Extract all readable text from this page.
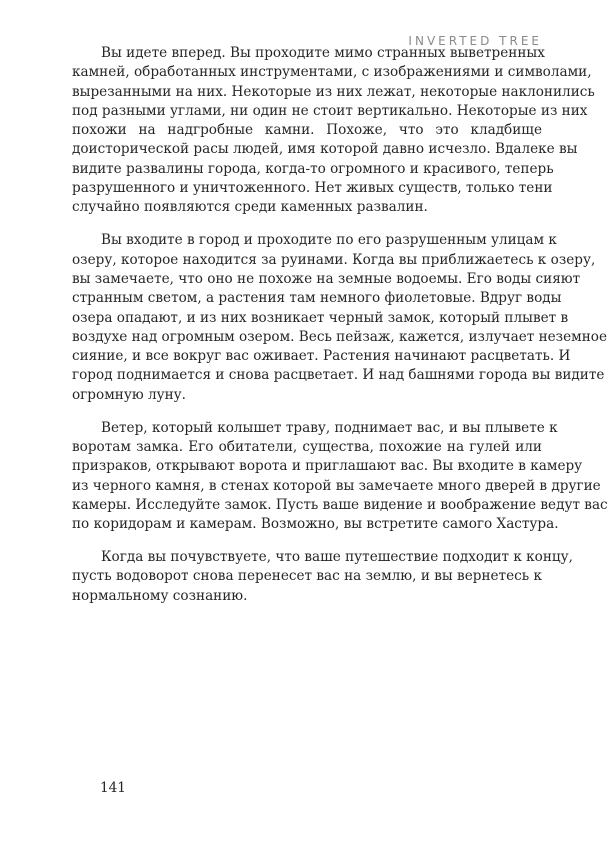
INVERTED TREE
Вы идете вперед. Вы проходите мимо странных выветренных
камней, обработанных инструментами, с изображениями и символами,
вырезанными на них. Некоторые из них лежат, некоторые наклонились
под разными углами, ни один не стоит вертикально. Некоторые из них
похожи на надгробные камни. Похоже, что это кладбище
доисторической расы людей, имя которой давно исчезло. Вдалеке вы
видите развалины города, когда-то огромного и красивого, теперь
разрушенного и уничтоженного. Нет живых существ, только тени
случайно появляются среди каменных развалин.
Вы входите в город и проходите по его разрушенным улицам к
озеру, которое находится за руинами. Когда вы приближаетесь к озеру,
вы замечаете, что оно не похоже на земные водоемы. Его воды сияют
странным светом, а растения там немного фиолетовые. Вдруг воды
озера опадают, и из них возникает черный замок, который плывет в
воздухе над огромным озером. Весь пейзаж, кажется, излучает неземное
сияние, и все вокруг вас оживает. Растения начинают расцветать. И
город поднимается и снова расцветает. И над башнями города вы видите
огромную луну.
Ветер, который колышет траву, поднимает вас, и вы плывете к
воротам замка. Его обитатели, существа, похожие на гулей или
призраков, открывают ворота и приглашают вас. Вы входите в камеру
из черного камня, в стенах которой вы замечаете много дверей в другие
камеры. Исследуйте замок. Пусть ваше видение и воображение ведут вас
по коридорам и камерам. Возможно, вы встретите самого Хастура.
Когда вы почувствуете, что ваше путешествие подходит к концу,
пусть водоворот снова перенесет вас на землю, и вы вернетесь к
нормальному сознанию.
141
